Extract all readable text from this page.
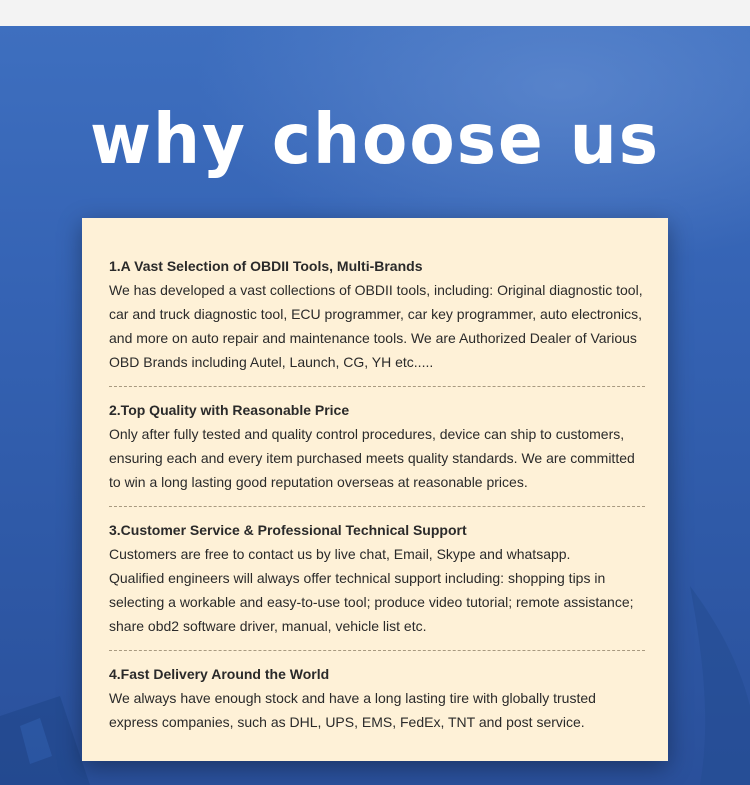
why choose us
1.A Vast Selection of OBDII Tools, Multi-Brands

We has developed a vast collections of OBDII tools, including: Original diagnostic tool, car and truck diagnostic tool, ECU programmer, car key programmer, auto electronics, and more on auto repair and maintenance tools. We are Authorized Dealer of Various OBD Brands including Autel, Launch, CG, YH etc.....

2.Top Quality with Reasonable Price

Only after fully tested and quality control procedures, device can ship to customers, ensuring each and every item purchased meets quality standards. We are committed to win a long lasting good reputation overseas at reasonable prices.

3.Customer Service & Professional Technical Support

Customers are free to contact us by live chat, Email, Skype and whatsapp.

Qualified engineers will always offer technical support including: shopping tips in selecting a workable and easy-to-use tool; produce video tutorial; remote assistance; share obd2 software driver, manual, vehicle list etc.

4.Fast Delivery Around the World

We always have enough stock and have a long lasting tire with globally trusted express companies, such as DHL, UPS, EMS, FedEx, TNT and post service.
